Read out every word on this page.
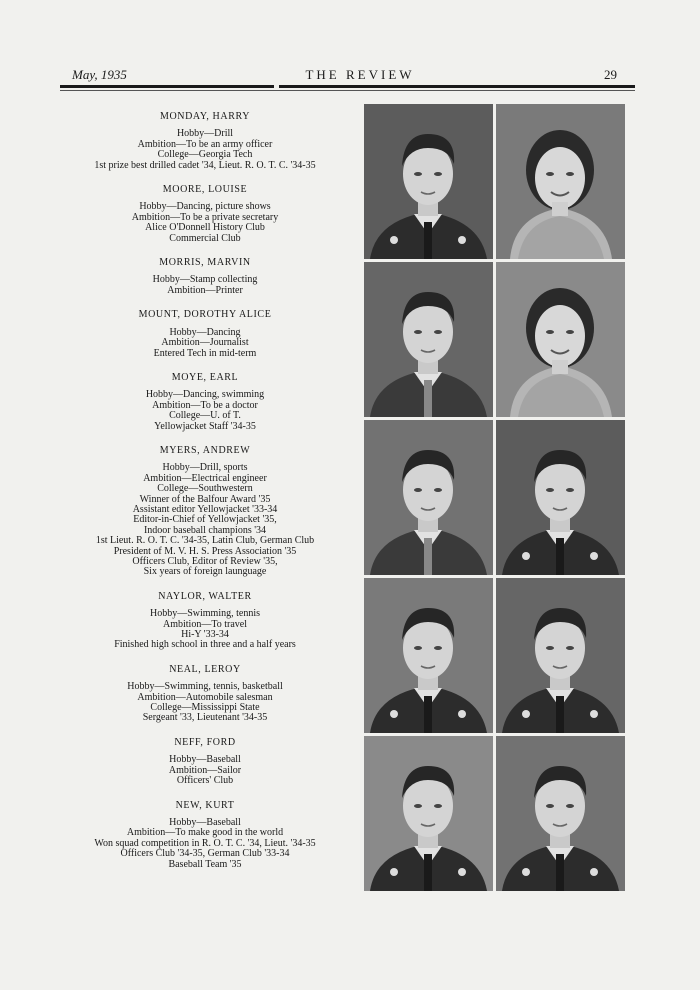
May, 1935	THE REVIEW	29
MONDAY, HARRY
Hobby—Drill
Ambition—To be an army officer
College—Georgia Tech
1st prize best drilled cadet '34, Lieut. R. O. T. C. '34-35
MOORE, LOUISE
Hobby—Dancing, picture shows
Ambition—To be a private secretary
Alice O'Donnell History Club
Commercial Club
MORRIS, MARVIN
Hobby—Stamp collecting
Ambition—Printer
MOUNT, DOROTHY ALICE
Hobby—Dancing
Ambition—Journalist
Entered Tech in mid-term
MOYE, EARL
Hobby—Dancing, swimming
Ambition—To be a doctor
College—U. of T.
Yellowjacket Staff '34-35
MYERS, ANDREW
Hobby—Drill, sports
Ambition—Electrical engineer
College—Southwestern
Winner of the Balfour Award '35
Assistant editor Yellowjacket '33-34
Editor-in-Chief of Yellowjacket '35,
Indoor baseball champions '34
1st Lieut. R. O. T. C. '34-35, Latin Club, German Club
President of M. V. H. S. Press Association '35
Officers Club, Editor of Review '35,
Six years of foreign launguage
NAYLOR, WALTER
Hobby—Swimming, tennis
Ambition—To travel
Hi-Y '33-34
Finished high school in three and a half years
NEAL, LEROY
Hobby—Swimming, tennis, basketball
Ambition—Automobile salesman
College—Mississippi State
Sergeant '33, Lieutenant '34-35
NEFF, FORD
Hobby—Baseball
Ambition—Sailor
Officers' Club
NEW, KURT
Hobby—Baseball
Ambition—To make good in the world
Won squad competition in R. O. T. C. '34, Lieut. '34-35
Officers Club '34-35, German Club '33-34
Baseball Team '35
